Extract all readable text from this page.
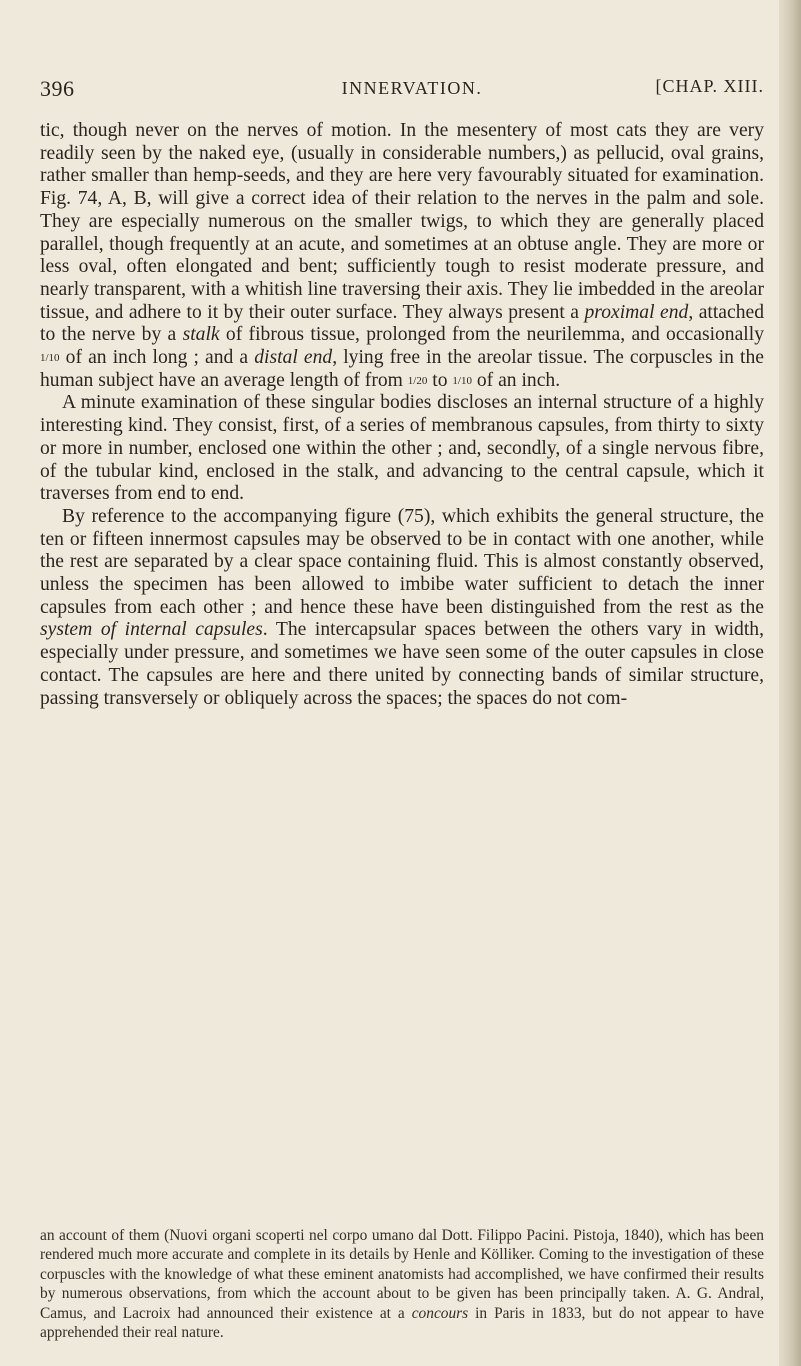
396	INNERVATION.	[CHAP. XIII.

tic, though never on the nerves of motion. In the mesentery of most cats they are very readily seen by the naked eye, (usually in considerable numbers,) as pellucid, oval grains, rather smaller than hemp-seeds, and they are here very favourably situated for examination. Fig. 74, A, B, will give a correct idea of their relation to the nerves in the palm and sole. They are especially numerous on the smaller twigs, to which they are generally placed parallel, though frequently at an acute, and sometimes at an obtuse angle. They are more or less oval, often elongated and bent; sufficiently tough to resist moderate pressure, and nearly transparent, with a whitish line traversing their axis. They lie imbedded in the areolar tissue, and adhere to it by their outer surface. They always present a proximal end, attached to the nerve by a stalk of fibrous tissue, prolonged from the neurilemma, and occasionally 1/10 of an inch long ; and a distal end, lying free in the areolar tissue. The corpuscles in the human subject have an average length of from 1/20 to 1/10 of an inch.

A minute examination of these singular bodies discloses an internal structure of a highly interesting kind. They consist, first, of a series of membranous capsules, from thirty to sixty or more in number, enclosed one within the other ; and, secondly, of a single nervous fibre, of the tubular kind, enclosed in the stalk, and advancing to the central capsule, which it traverses from end to end.

By reference to the accompanying figure (75), which exhibits the general structure, the ten or fifteen innermost capsules may be observed to be in contact with one another, while the rest are separated by a clear space containing fluid. This is almost constantly observed, unless the specimen has been allowed to imbibe water sufficient to detach the inner capsules from each other ; and hence these have been distinguished from the rest as the system of internal capsules. The intercapsular spaces between the others vary in width, especially under pressure, and sometimes we have seen some of the outer capsules in close contact. The capsules are here and there united by connecting bands of similar structure, passing transversely or obliquely across the spaces; the spaces do not com-

an account of them (Nuovi organi scoperti nel corpo umano dal Dott. Filippo Pacini. Pistoja, 1840), which has been rendered much more accurate and complete in its details by Henle and Kölliker. Coming to the investigation of these corpuscles with the knowledge of what these eminent anatomists had accomplished, we have confirmed their results by numerous observations, from which the account about to be given has been principally taken. A. G. Andral, Camus, and Lacroix had announced their existence at a concours in Paris in 1833, but do not appear to have apprehended their real nature.
